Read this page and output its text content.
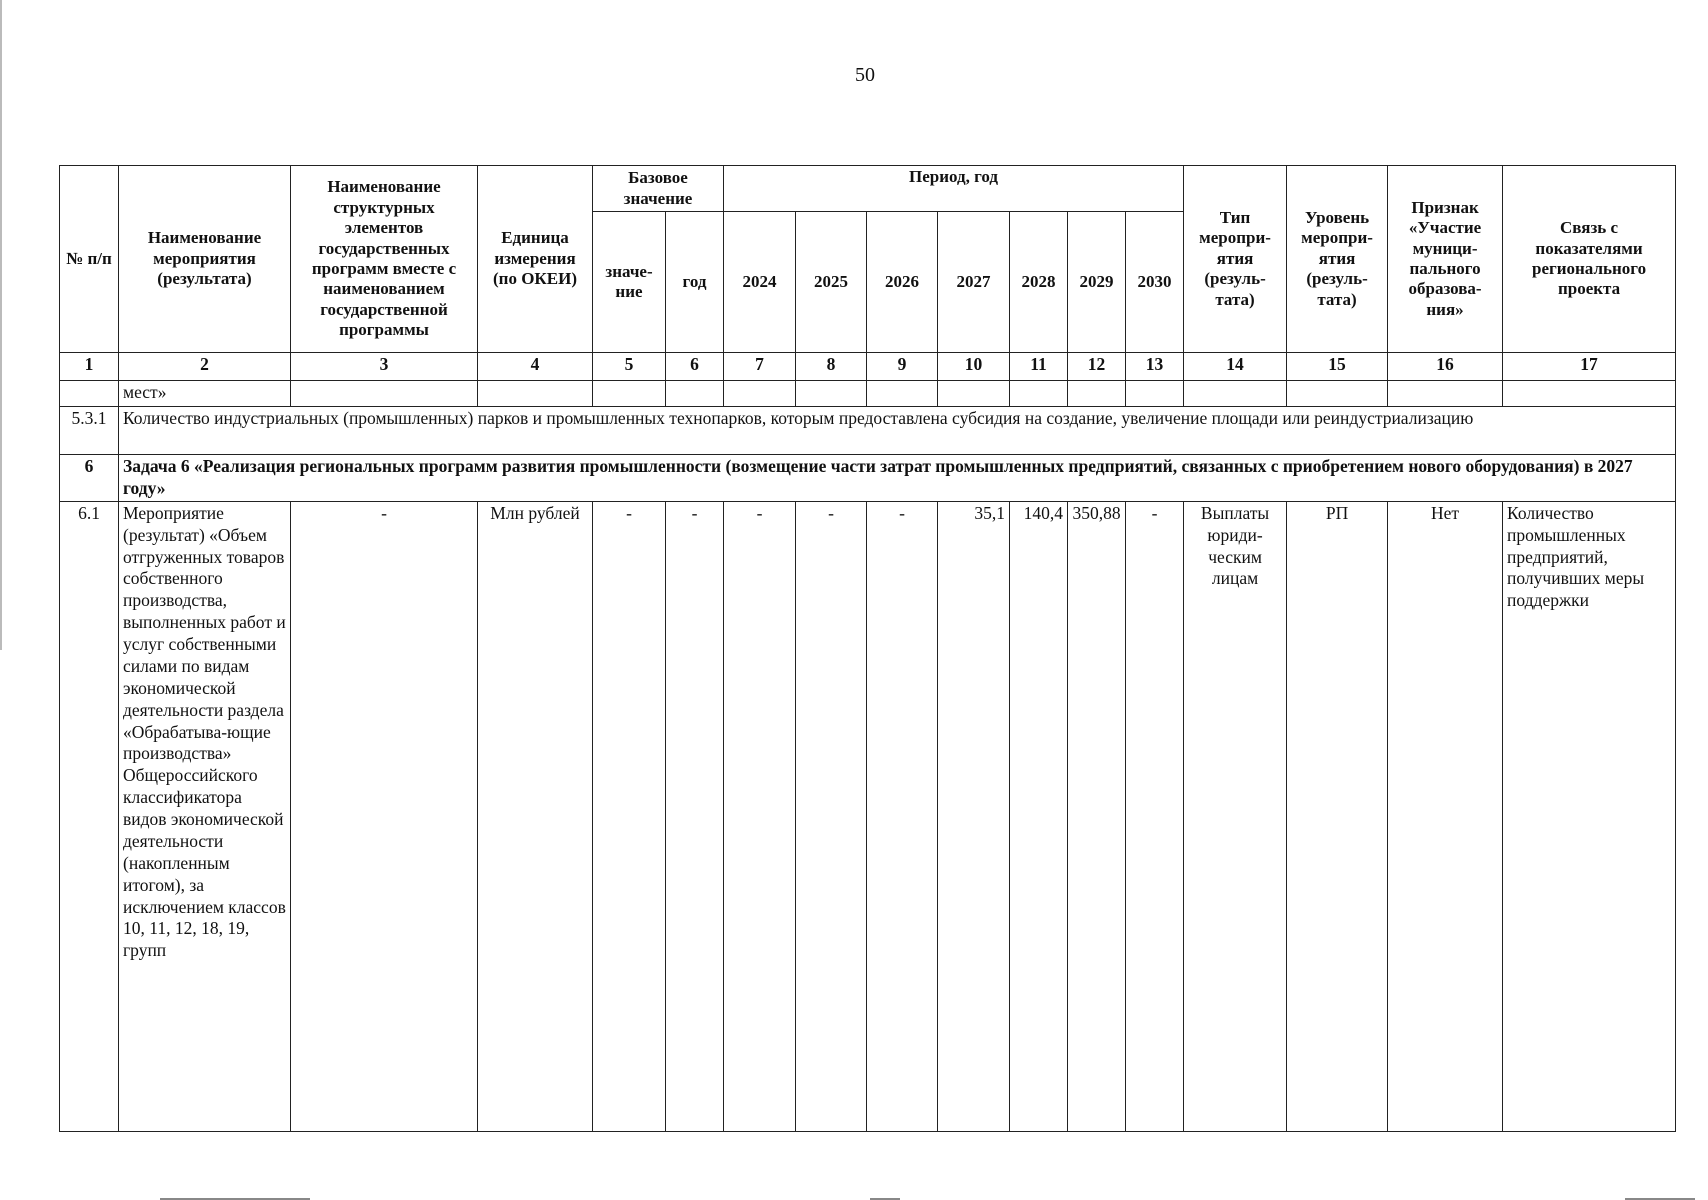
50
№ п/п	Наименование мероприятия (результата)	Наименование структурных элементов государственных программ вместе с наименованием государственной программы	Единица измерения (по ОКЕИ)	Базовое значение		Период, год							Тип меропри-ятия (резуль-тата)	Уровень меропри-ятия (резуль-тата)	Признак «Участие муници-пального образова-ния»	Связь с показателями регионального проекта
				значе-ние	год	2024	2025	2026	2027	2028	2029	2030				
1	2	3	4	5	6	7	8	9	10	11	12	13	14	15	16	17
	мест»															
5.3.1	Количество индустриальных (промышленных) парков и промышленных технопарков, которым предоставлена субсидия на создание, увеличение площади или реиндустриализацию															
6	Задача 6 «Реализация региональных программ развития промышленности (возмещение части затрат промышленных предприятий, связанных с приобретением нового оборудования) в 2027 году»															
6.1	Мероприятие (результат) «Объем отгруженных товаров собственного производства, выполненных работ и услуг собственными силами по видам экономической деятельности раздела «Обрабатыва-ющие производства» Общероссийского классификатора видов экономической деятельности (накопленным итогом), за исключением классов 10, 11, 12, 18, 19, групп	-	Млн рублей	-	-	-	-	-	35,1	140,4	350,88	-	Выплаты юриди-ческим лицам	РП	Нет	Количество промышленных предприятий, получивших меры поддержки
